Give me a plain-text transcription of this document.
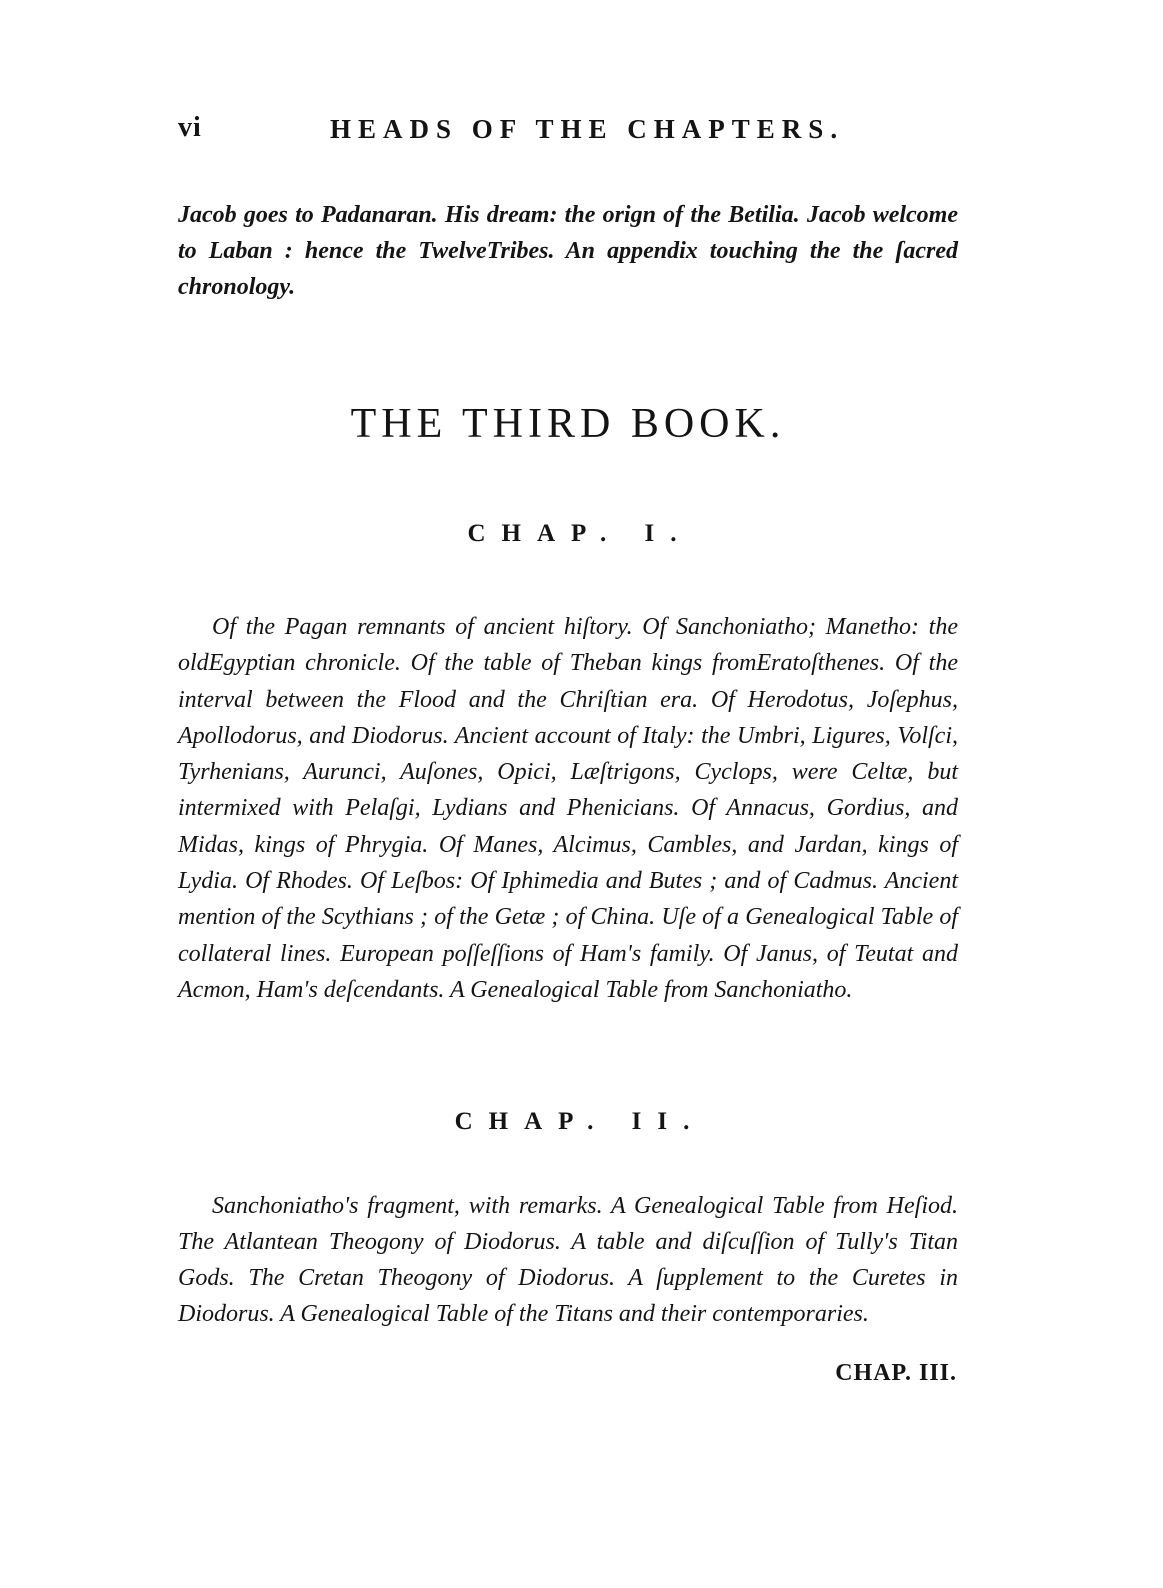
vi	HEADS OF THE CHAPTERS.

Jacob goes to Padanaran. His dream: the orign of the Betilia. Jacob welcome to Laban : hence the TwelveTribes. An appendix touching the the ſacred chronology.

THE THIRD BOOK.
CHAP. I.

Of the Pagan remnants of ancient hiſtory. Of Sanchoniatho; Manetho: the oldEgyptian chronicle. Of the table of Theban kings fromEratoſthenes. Of the interval between the Flood and the Chriſtian era. Of Herodotus, Joſephus, Apollodorus, and Diodorus. Ancient account of Italy: the Umbri, Ligures, Volſci, Tyrhenians, Aurunci, Auſones, Opici, Læſtrigons, Cyclops, were Celtæ, but intermixed with Pelaſgi, Lydians and Phenicians. Of Annacus, Gordius, and Midas, kings of Phrygia. Of Manes, Alcimus, Cambles, and Jardan, kings of Lydia. Of Rhodes. Of Leſbos: Of Iphimedia and Butes ; and of Cadmus. Ancient mention of the Scythians ; of the Getæ ; of China. Uſe of a Genealogical Table of collateral lines. European poſſeſſions of Ham's family. Of Janus, of Teutat and Acmon, Ham's deſcendants. A Genealogical Table from Sanchoniatho.

CHAP. II.

Sanchoniatho's fragment, with remarks. A Genealogical Table from Heſiod. The Atlantean Theogony of Diodorus. A table and diſcuſſion of Tully's Titan Gods. The Cretan Theogony of Diodorus. A ſupplement to the Curetes in Diodorus. A Genealogical Table of the Titans and their contemporaries.

CHAP. III.
